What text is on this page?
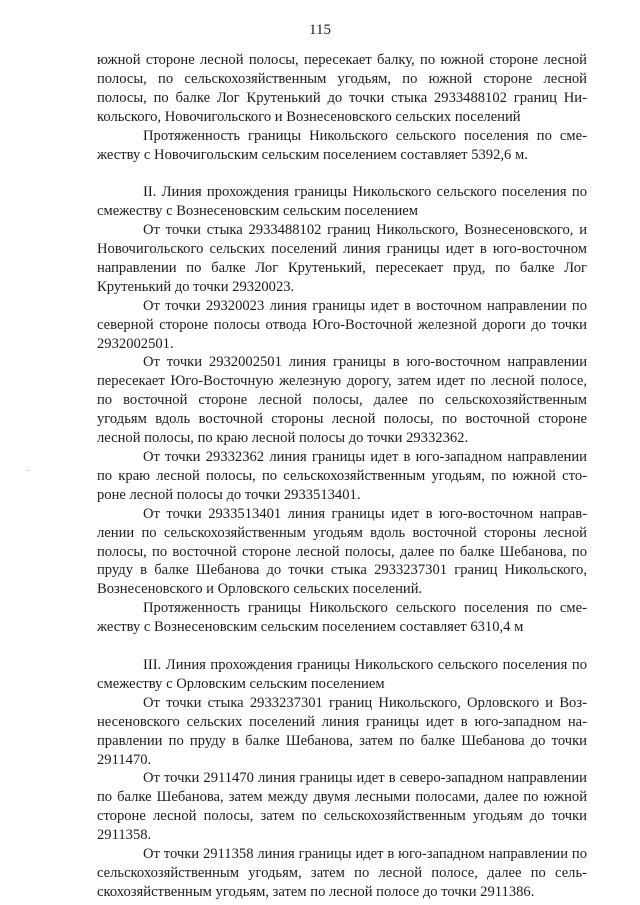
115

южной стороне лесной полосы, пересекает балку, по южной стороне лесной полосы, по сельскохозяйственным угодьям, по южной стороне лесной полосы, по балке Лог Крутенький до точки стыка 2933488102 границ Никольского, Новочигольского и Вознесеновского сельских поселений

Протяженность границы Никольского сельского поселения по смежеству с Новочигольским сельским поселением составляет 5392,6 м.

II. Линия прохождения границы Никольского сельского поселения по смежеству с Вознесеновским сельским поселением

От точки стыка 2933488102 границ Никольского, Вознесеновского, и Новочигольского сельских поселений линия границы идет в юго-восточном направлении по балке Лог Крутенький, пересекает пруд, по балке Лог Крутенький до точки 29320023.

От точки 29320023 линия границы идет в восточном направлении по северной стороне полосы отвода Юго-Восточной железной дороги до точки 2932002501.

От точки 2932002501 линия границы в юго-восточном направлении пересекает Юго-Восточную железную дорогу, затем идет по лесной полосе, по восточной стороне лесной полосы, далее по сельскохозяйственным угодьям вдоль восточной стороны лесной полосы, по восточной стороне лесной полосы, по краю лесной полосы до точки 29332362.

От точки 29332362 линия границы идет в юго-западном направлении по краю лесной полосы, по сельскохозяйственным угодьям, по южной стороне лесной полосы до точки 2933513401.

От точки 2933513401 линия границы идет в юго-восточном направлении по сельскохозяйственным угодьям вдоль восточной стороны лесной полосы, по восточной стороне лесной полосы, далее по балке Шебанова, по пруду в балке Шебанова до точки стыка 2933237301 границ Никольского, Вознесеновского и Орловского сельских поселений.

Протяженность границы Никольского сельского поселения по смежеству с Вознесеновским сельским поселением составляет 6310,4 м

III. Линия прохождения границы Никольского сельского поселения по смежеству с Орловским сельским поселением

От точки стыка 2933237301 границ Никольского, Орловского и Вознесеновского сельских поселений линия границы идет в юго-западном направлении по пруду в балке Шебанова, затем по балке Шебанова до точки 2911470.

От точки 2911470 линия границы идет в северо-западном направлении по балке Шебанова, затем между двумя лесными полосами, далее по южной стороне лесной полосы, затем по сельскохозяйственным угодьям до точки 2911358.

От точки 2911358 линия границы идет в юго-западном направлении по сельскохозяйственным угодьям, затем по лесной полосе, далее по сельскохозяйственным угодьям, затем по лесной полосе до точки 2911386.
